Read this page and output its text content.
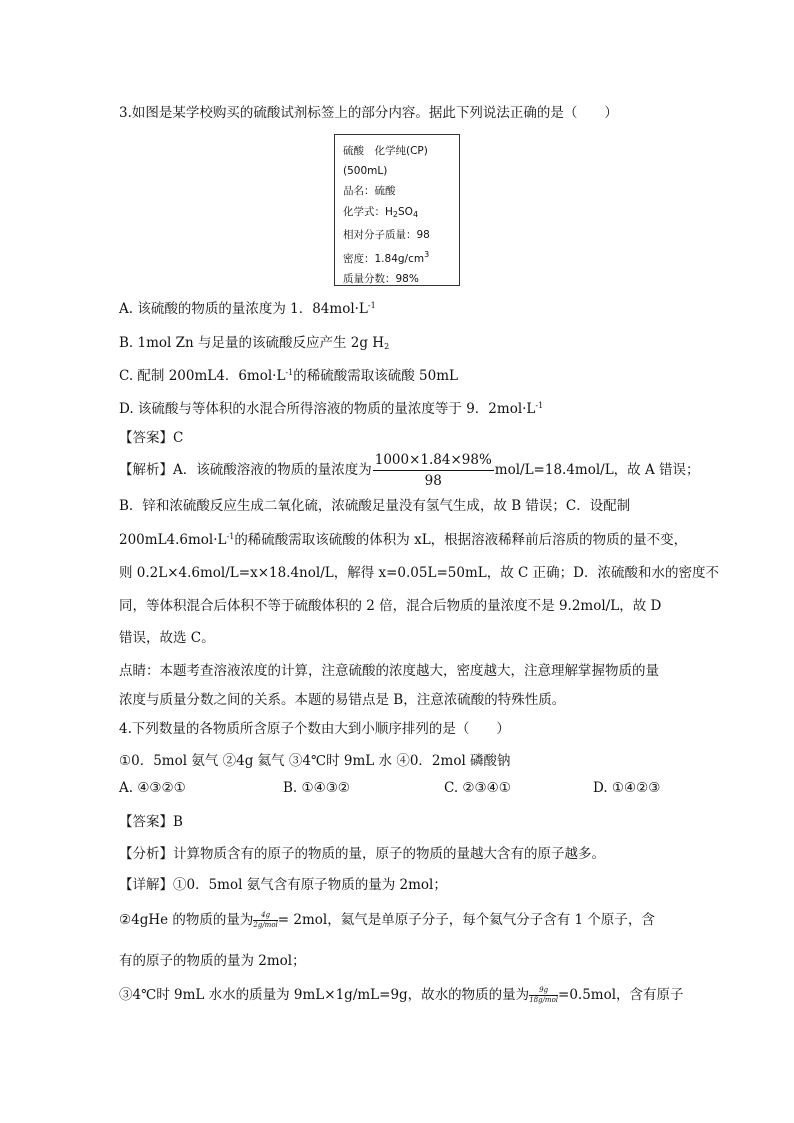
3.如图是某学校购买的硫酸试剂标签上的部分内容。据此下列说法正确的是（　　）
硫酸　化学纯(CP)
(500mL)
品名：硫酸
化学式：$H_2SO_4$
相对分子质量：98
密度：$1.84g/cm^3$
质量分数：98%
A. 该硫酸的物质的量浓度为 1．$84mol\cdot L^{-1}$
B. 1mol Zn 与足量的该硫酸反应产生 2g $H_2$
C. 配制 200mL4．$6mol\cdot L^{-1}$的稀硫酸需取该硫酸 50mL
D. 该硫酸与等体积的水混合所得溶液的物质的量浓度等于 9．$2mol\cdot L^{-1}$
【答案】C
【解析】A．该硫酸溶液的物质的量浓度为 $\frac{1000\times 1.84\times 98\%}{98} mol/L=18.4mol/L$，故 A 错误；
B．锌和浓硫酸反应生成二氧化硫，浓硫酸足量没有氢气生成，故 B 错误；C．设配制
$200mL4.6mol\cdot L^{-1}$的稀硫酸需取该硫酸的体积为 xL，根据溶液稀释前后溶质的物质的量不变，
则 0.2L×4.6mol/L=x×18.4nol/L，解得 x=0.05L=50mL，故 C 正确；D．浓硫酸和水的密度不
同，等体积混合后体积不等于硫酸体积的 2 倍，混合后物质的量浓度不是 9.2mol/L，故 D
错误，故选 C。
点睛：本题考查溶液浓度的计算，注意硫酸的浓度越大，密度越大，注意理解掌握物质的量
浓度与质量分数之间的关系。本题的易错点是 B，注意浓硫酸的特殊性质。
4.下列数量的各物质所含原子个数由大到小顺序排列的是（　　）
①0．5mol 氨气 ②4g 氦气 ③4℃时 9mL 水 ④0．2mol 磷酸钠
A. ④③②①	B. ①④③②	C. ②③④①	D. ①④②③
【答案】B
【分析】计算物质含有的原子的物质的量，原子的物质的量越大含有的原子越多。
【详解】①0．5mol 氨气含有原子物质的量为 2mol；
②4gHe 的物质的量为 $\frac{4g}{\text{2g/mol}} = 2mol$，氦气是单原子分子，每个氦气分子含有 1 个原子，含
有的原子的物质的量为 2mol；
③4℃时 9mL 水水的质量为 9mL×1g/mL=9g，故水的物质的量为 $\frac{9g}{\text{18g/mol}} =0.5mol$，含有原子
